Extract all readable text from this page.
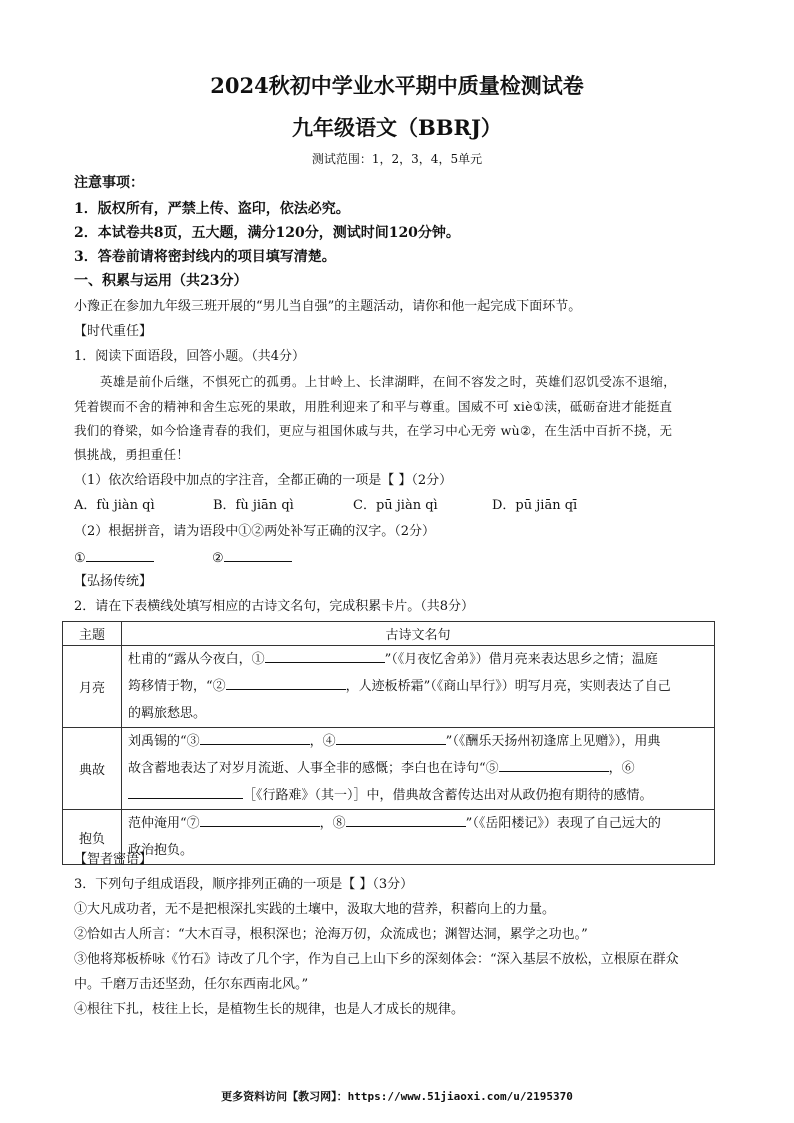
2024秋初中学业水平期中质量检测试卷
九年级语文（BBRJ）
测试范围：1，2，3，4，5单元
注意事项：
1．版权所有，严禁上传、盗印，依法必究。
2．本试卷共8页，五大题，满分120分，测试时间120分钟。
3．答卷前请将密封线内的项目填写清楚。
一、积累与运用（共23分）
小豫正在参加九年级三班开展的“男儿当自强”的主题活动，请你和他一起完成下面环节。
【时代重任】
1．阅读下面语段，回答小题。（共4分）
英雄是前仆后继，不惧死亡的孤勇。上甘岭上、长津湖畔，在间不容发之时，英雄们忍饥受冻不退缩，
凭着锲而不舍的精神和舍生忘死的果敢，用胜利迎来了和平与尊重。国威不可 xiè①渎，砥砺奋进才能挺直
我们的脊梁，如今恰逢青春的我们，更应与祖国休戚与共，在学习中心无旁 wù②，在生活中百折不挠，无
惧挑战，勇担重任！
（1）依次给语段中加点的字注音，全都正确的一项是【 】（2分）
A．fù jiàn qì	B．fù jiān qì	C．pū jiàn qì	D．pū jiān qī
（2）根据拼音，请为语段中①②两处补写正确的汉字。（2分）
①	②
【弘扬传统】
2．请在下表横线处填写相应的古诗文名句，完成积累卡片。（共8分）
主题	古诗文名句
月亮	杜甫的“露从今夜白，① ”（《月夜忆舍弟》）借月亮来表达思乡之情；温庭
筠移情于物，“② ，人迹板桥霜”（《商山早行》）明写月亮，实则表达了自己
的羁旅愁思。

典故	刘禹锡的“③ ，④ ”（《酬乐天扬州初逢席上见赠》），用典
故含蓄地表达了对岁月流逝、人事全非的感慨；李白也在诗句“⑤ ，⑥
［《行路难》（其一）］中，借典故含蓄传达出对从政仍抱有期待的感情。

抱负	范仲淹用“⑦ ，⑧ ”（《岳阳楼记》）表现了自己远大的
政治抱负。
【智者密语】
3．下列句子组成语段，顺序排列正确的一项是【 】（3分）
①大凡成功者，无不是把根深扎实践的土壤中，汲取大地的营养，积蓄向上的力量。
②恰如古人所言：“大木百寻，根积深也；沧海万仞，众流成也；渊智达洞，累学之功也。”
③他将郑板桥咏《竹石》诗改了几个字，作为自己上山下乡的深刻体会：“深入基层不放松，立根原在群众
中。千磨万击还坚劲，任尔东西南北风。”
④根往下扎，枝往上长，是植物生长的规律，也是人才成长的规律。
更多资料访问【教习网】：https://www.51jiaoxi.com/u/2195370
